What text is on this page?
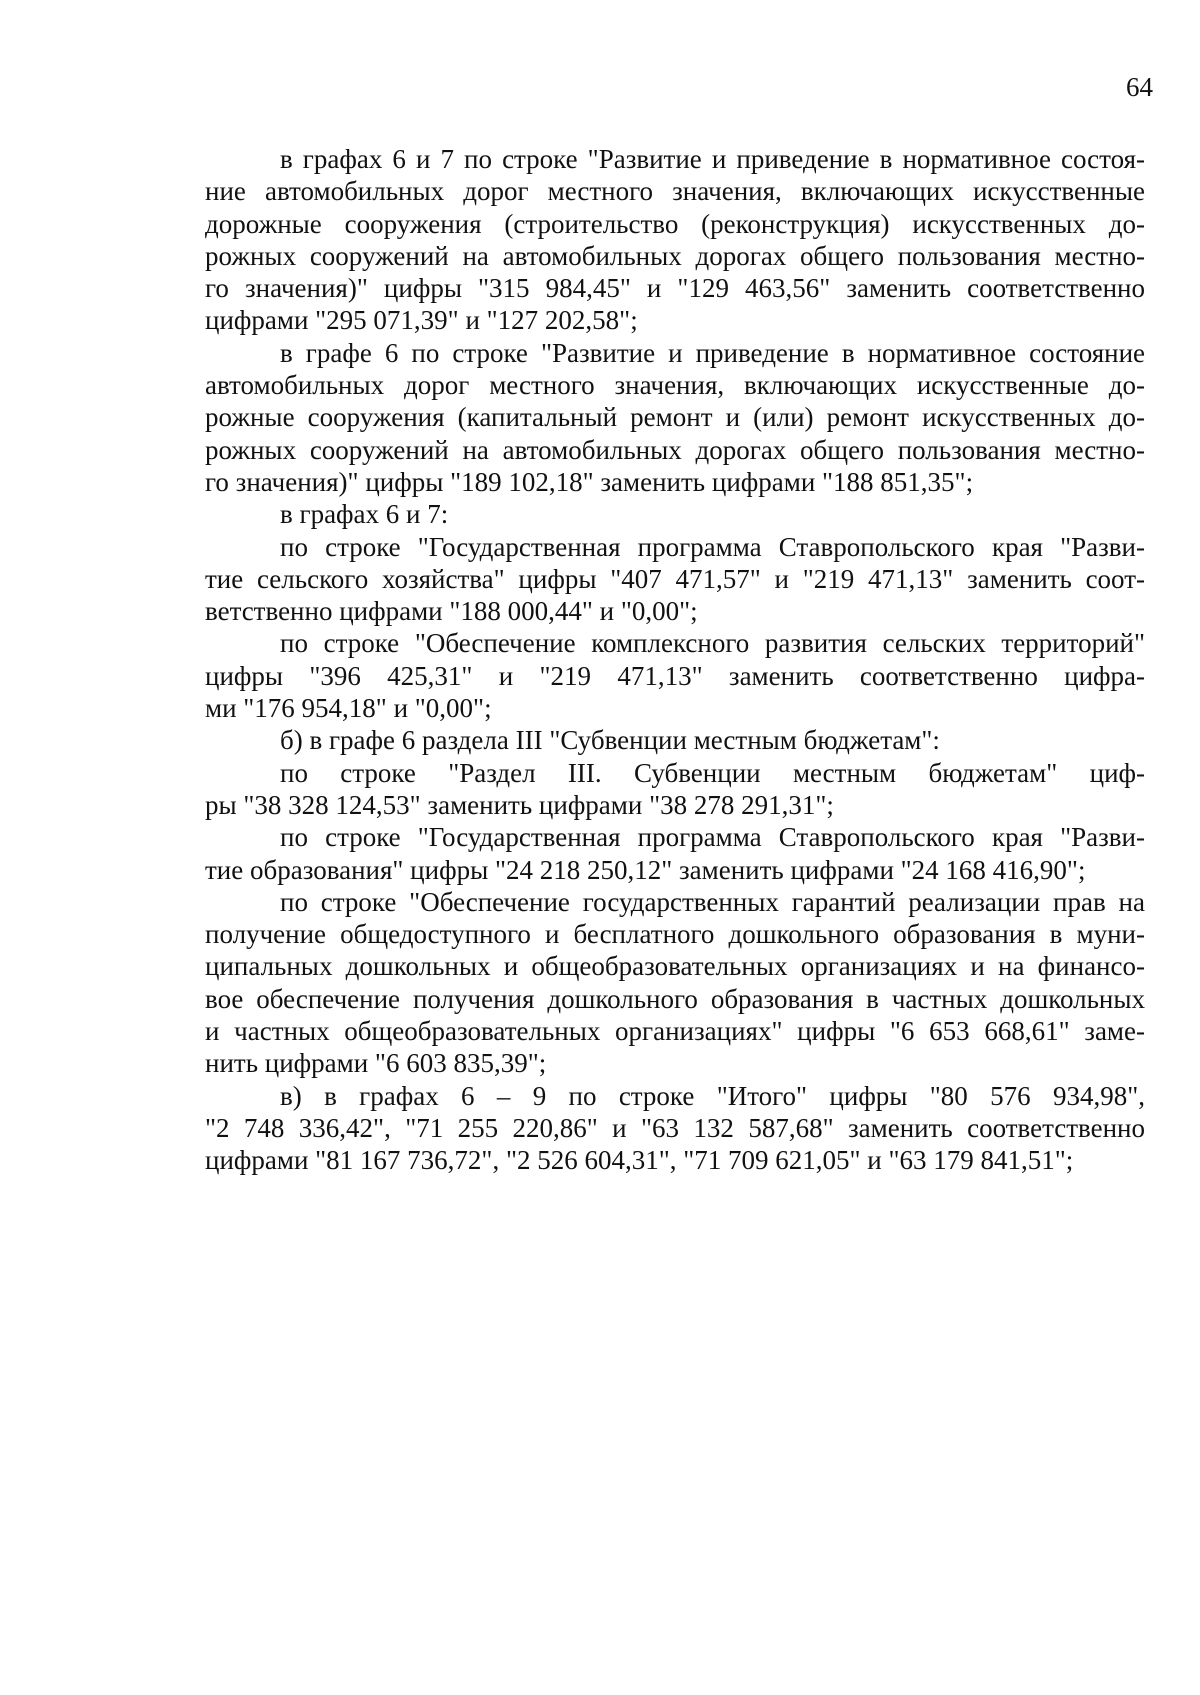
64
в графах 6 и 7 по строке "Развитие и приведение в нормативное состоя-
ние автомобильных дорог местного значения, включающих искусственные
дорожные сооружения (строительство (реконструкция) искусственных до-
рожных сооружений на автомобильных дорогах общего пользования местно-
го значения)" цифры "315 984,45" и "129 463,56" заменить соответственно
цифрами "295 071,39" и "127 202,58";
в графе 6 по строке "Развитие и приведение в нормативное состояние
автомобильных дорог местного значения, включающих искусственные до-
рожные сооружения (капитальный ремонт и (или) ремонт искусственных до-
рожных сооружений на автомобильных дорогах общего пользования местно-
го значения)" цифры "189 102,18" заменить цифрами "188 851,35";
в графах 6 и 7:
по строке "Государственная программа Ставропольского края "Разви-
тие сельского хозяйства" цифры "407 471,57" и "219 471,13" заменить соот-
ветственно цифрами "188 000,44" и "0,00";
по строке "Обеспечение комплексного развития сельских территорий"
цифры "396 425,31" и "219 471,13" заменить соответственно цифра-
ми "176 954,18" и "0,00";
б) в графе 6 раздела III "Субвенции местным бюджетам":
по строке "Раздел III. Субвенции местным бюджетам" циф-
ры "38 328 124,53" заменить цифрами "38 278 291,31";
по строке "Государственная программа Ставропольского края "Разви-
тие образования" цифры "24 218 250,12" заменить цифрами "24 168 416,90";
по строке "Обеспечение государственных гарантий реализации прав на
получение общедоступного и бесплатного дошкольного образования в муни-
ципальных дошкольных и общеобразовательных организациях и на финансо-
вое обеспечение получения дошкольного образования в частных дошкольных
и частных общеобразовательных организациях" цифры "6 653 668,61" заме-
нить цифрами "6 603 835,39";
в) в графах 6 – 9 по строке "Итого" цифры "80 576 934,98",
"2 748 336,42", "71 255 220,86" и "63 132 587,68" заменить соответственно
цифрами "81 167 736,72", "2 526 604,31", "71 709 621,05" и "63 179 841,51";
